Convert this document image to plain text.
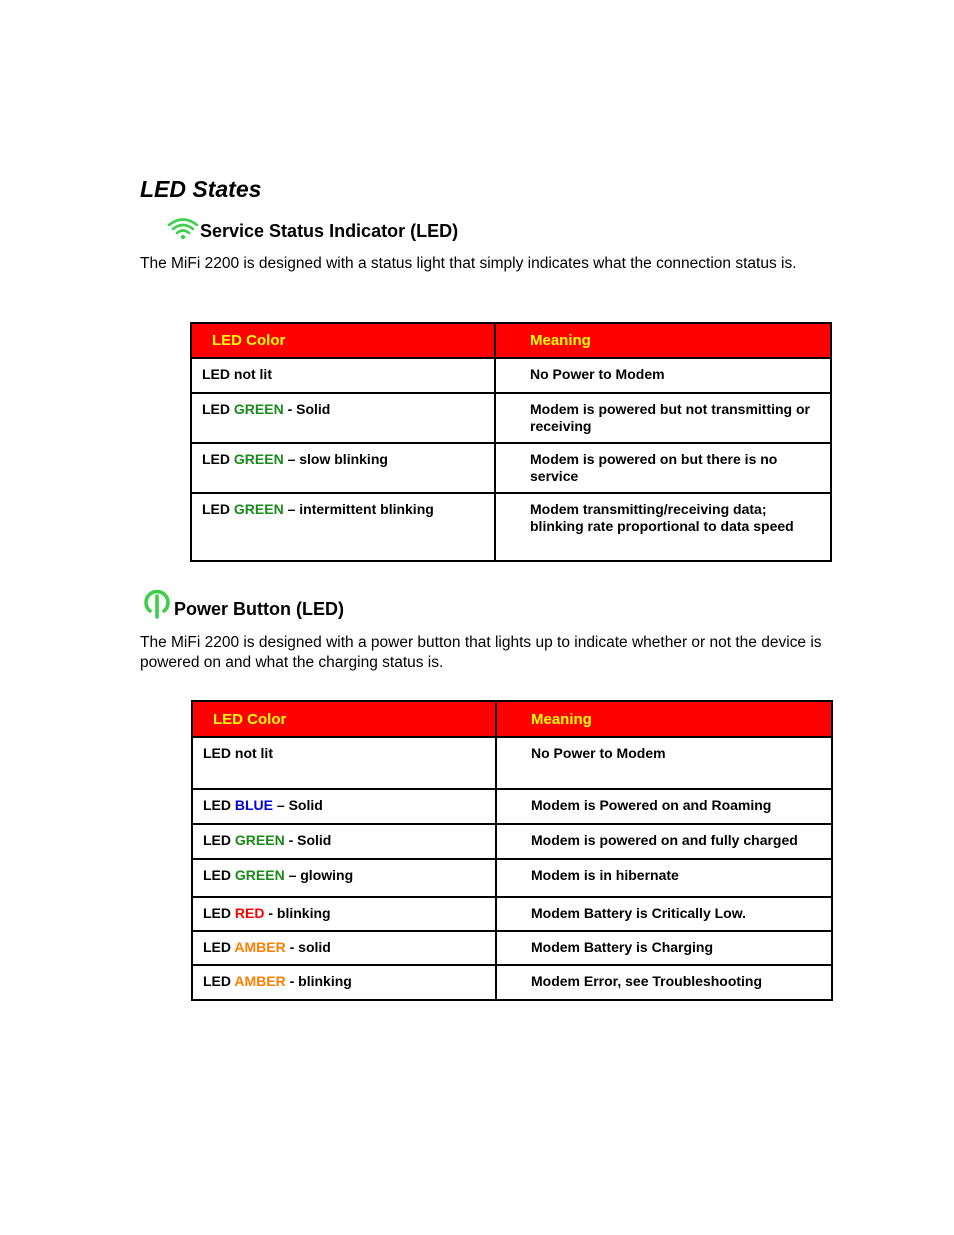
LED States
Service Status Indicator (LED)

The MiFi 2200 is designed with a status light that simply indicates what the connection status is.

LED Color	Meaning

LED not lit	No Power to Modem

LED GREEN - Solid	Modem is powered but not transmitting or receiving

LED GREEN – slow blinking	Modem is powered on but there is no service

LED GREEN – intermittent blinking	Modem transmitting/receiving data; blinking rate proportional to data speed
Power Button (LED)

The MiFi 2200 is designed with a power button that lights up to indicate whether or not the device is powered on and what the charging status is.

LED Color	Meaning

LED not lit	No Power to Modem

LED BLUE – Solid	Modem is Powered on and Roaming

LED GREEN - Solid	Modem is powered on and fully charged

LED GREEN – glowing	Modem is in hibernate

LED RED - blinking	Modem Battery is Critically Low.

LED AMBER - solid	Modem Battery is Charging

LED AMBER - blinking	Modem Error, see Troubleshooting
